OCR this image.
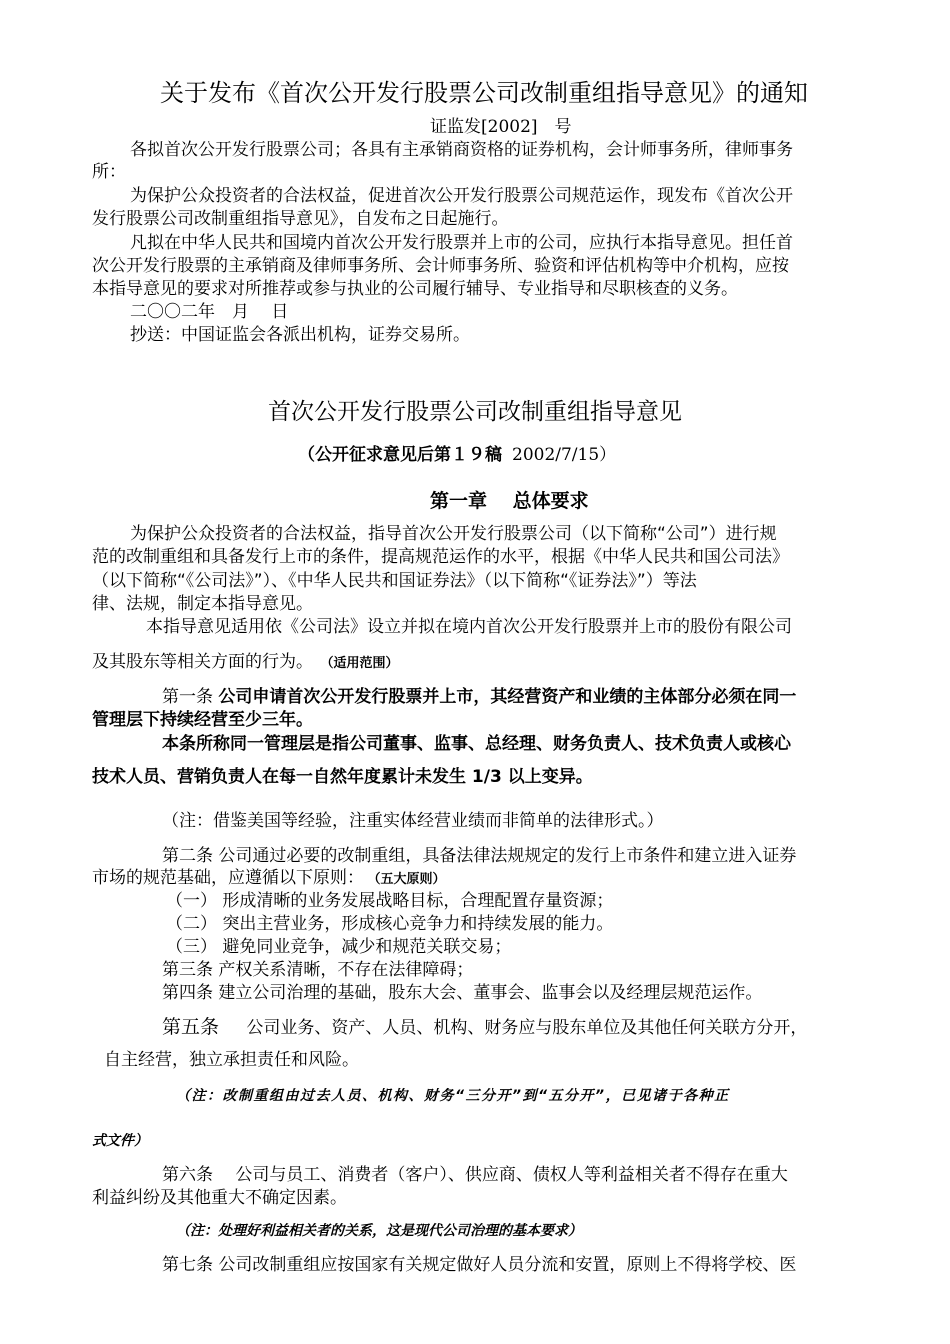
关于发布《首次公开发行股票公司改制重组指导意见》的通知
证监发[2002]　号
各拟首次公开发行股票公司；各具有主承销商资格的证券机构，会计师事务所，律师事务
所：
为保护公众投资者的合法权益，促进首次公开发行股票公司规范运作，现发布《首次公开
发行股票公司改制重组指导意见》，自发布之日起施行。
凡拟在中华人民共和国境内首次公开发行股票并上市的公司，应执行本指导意见。担任首
次公开发行股票的主承销商及律师事务所、会计师事务所、验资和评估机构等中介机构，应按
本指导意见的要求对所推荐或参与执业的公司履行辅导、专业指导和尽职核查的义务。
二〇〇二年　月　 日
抄送：中国证监会各派出机构，证券交易所。
首次公开发行股票公司改制重组指导意见
（公开征求意见后第１９稿 2002/7/15）
第一章　 总体要求
为保护公众投资者的合法权益，指导首次公开发行股票公司（以下简称“公司”）进行规
范的改制重组和具备发行上市的条件，提高规范运作的水平，根据《中华人民共和国公司法》
（以下简称“《公司法》”）、《中华人民共和国证券法》（以下简称“《证券法》”）等法
律、法规，制定本指导意见。
本指导意见适用依《公司法》设立并拟在境内首次公开发行股票并上市的股份有限公司
及其股东等相关方面的行为。 （适用范围）
第一条 公司申请首次公开发行股票并上市，其经营资产和业绩的主体部分必须在同一
管理层下持续经营至少三年。
本条所称同一管理层是指公司董事、监事、总经理、财务负责人、技术负责人或核心
技术人员、营销负责人在每一自然年度累计未发生 1/3 以上变异。
（注：借鉴美国等经验，注重实体经营业绩而非简单的法律形式。）
第二条 公司通过必要的改制重组，具备法律法规规定的发行上市条件和建立进入证券
市场的规范基础，应遵循以下原则： （五大原则）
（一） 形成清晰的业务发展战略目标，合理配置存量资源；
（二） 突出主营业务，形成核心竞争力和持续发展的能力。
（三） 避免同业竞争，减少和规范关联交易；
第三条 产权关系清晰，不存在法律障碍；
第四条 建立公司治理的基础，股东大会、董事会、监事会以及经理层规范运作。
第五条 公司业务、资产、人员、机构、财务应与股东单位及其他任何关联方分开，
自主经营，独立承担责任和风险。
（注：改制重组由过去人员、机构、财务“三分开”到“五分开”，已见诸于各种正
式文件）
第六条　 公司与员工、消费者（客户）、供应商、债权人等利益相关者不得存在重大
利益纠纷及其他重大不确定因素。
（注：处理好利益相关者的关系，这是现代公司治理的基本要求）
第七条 公司改制重组应按国家有关规定做好人员分流和安置，原则上不得将学校、医
